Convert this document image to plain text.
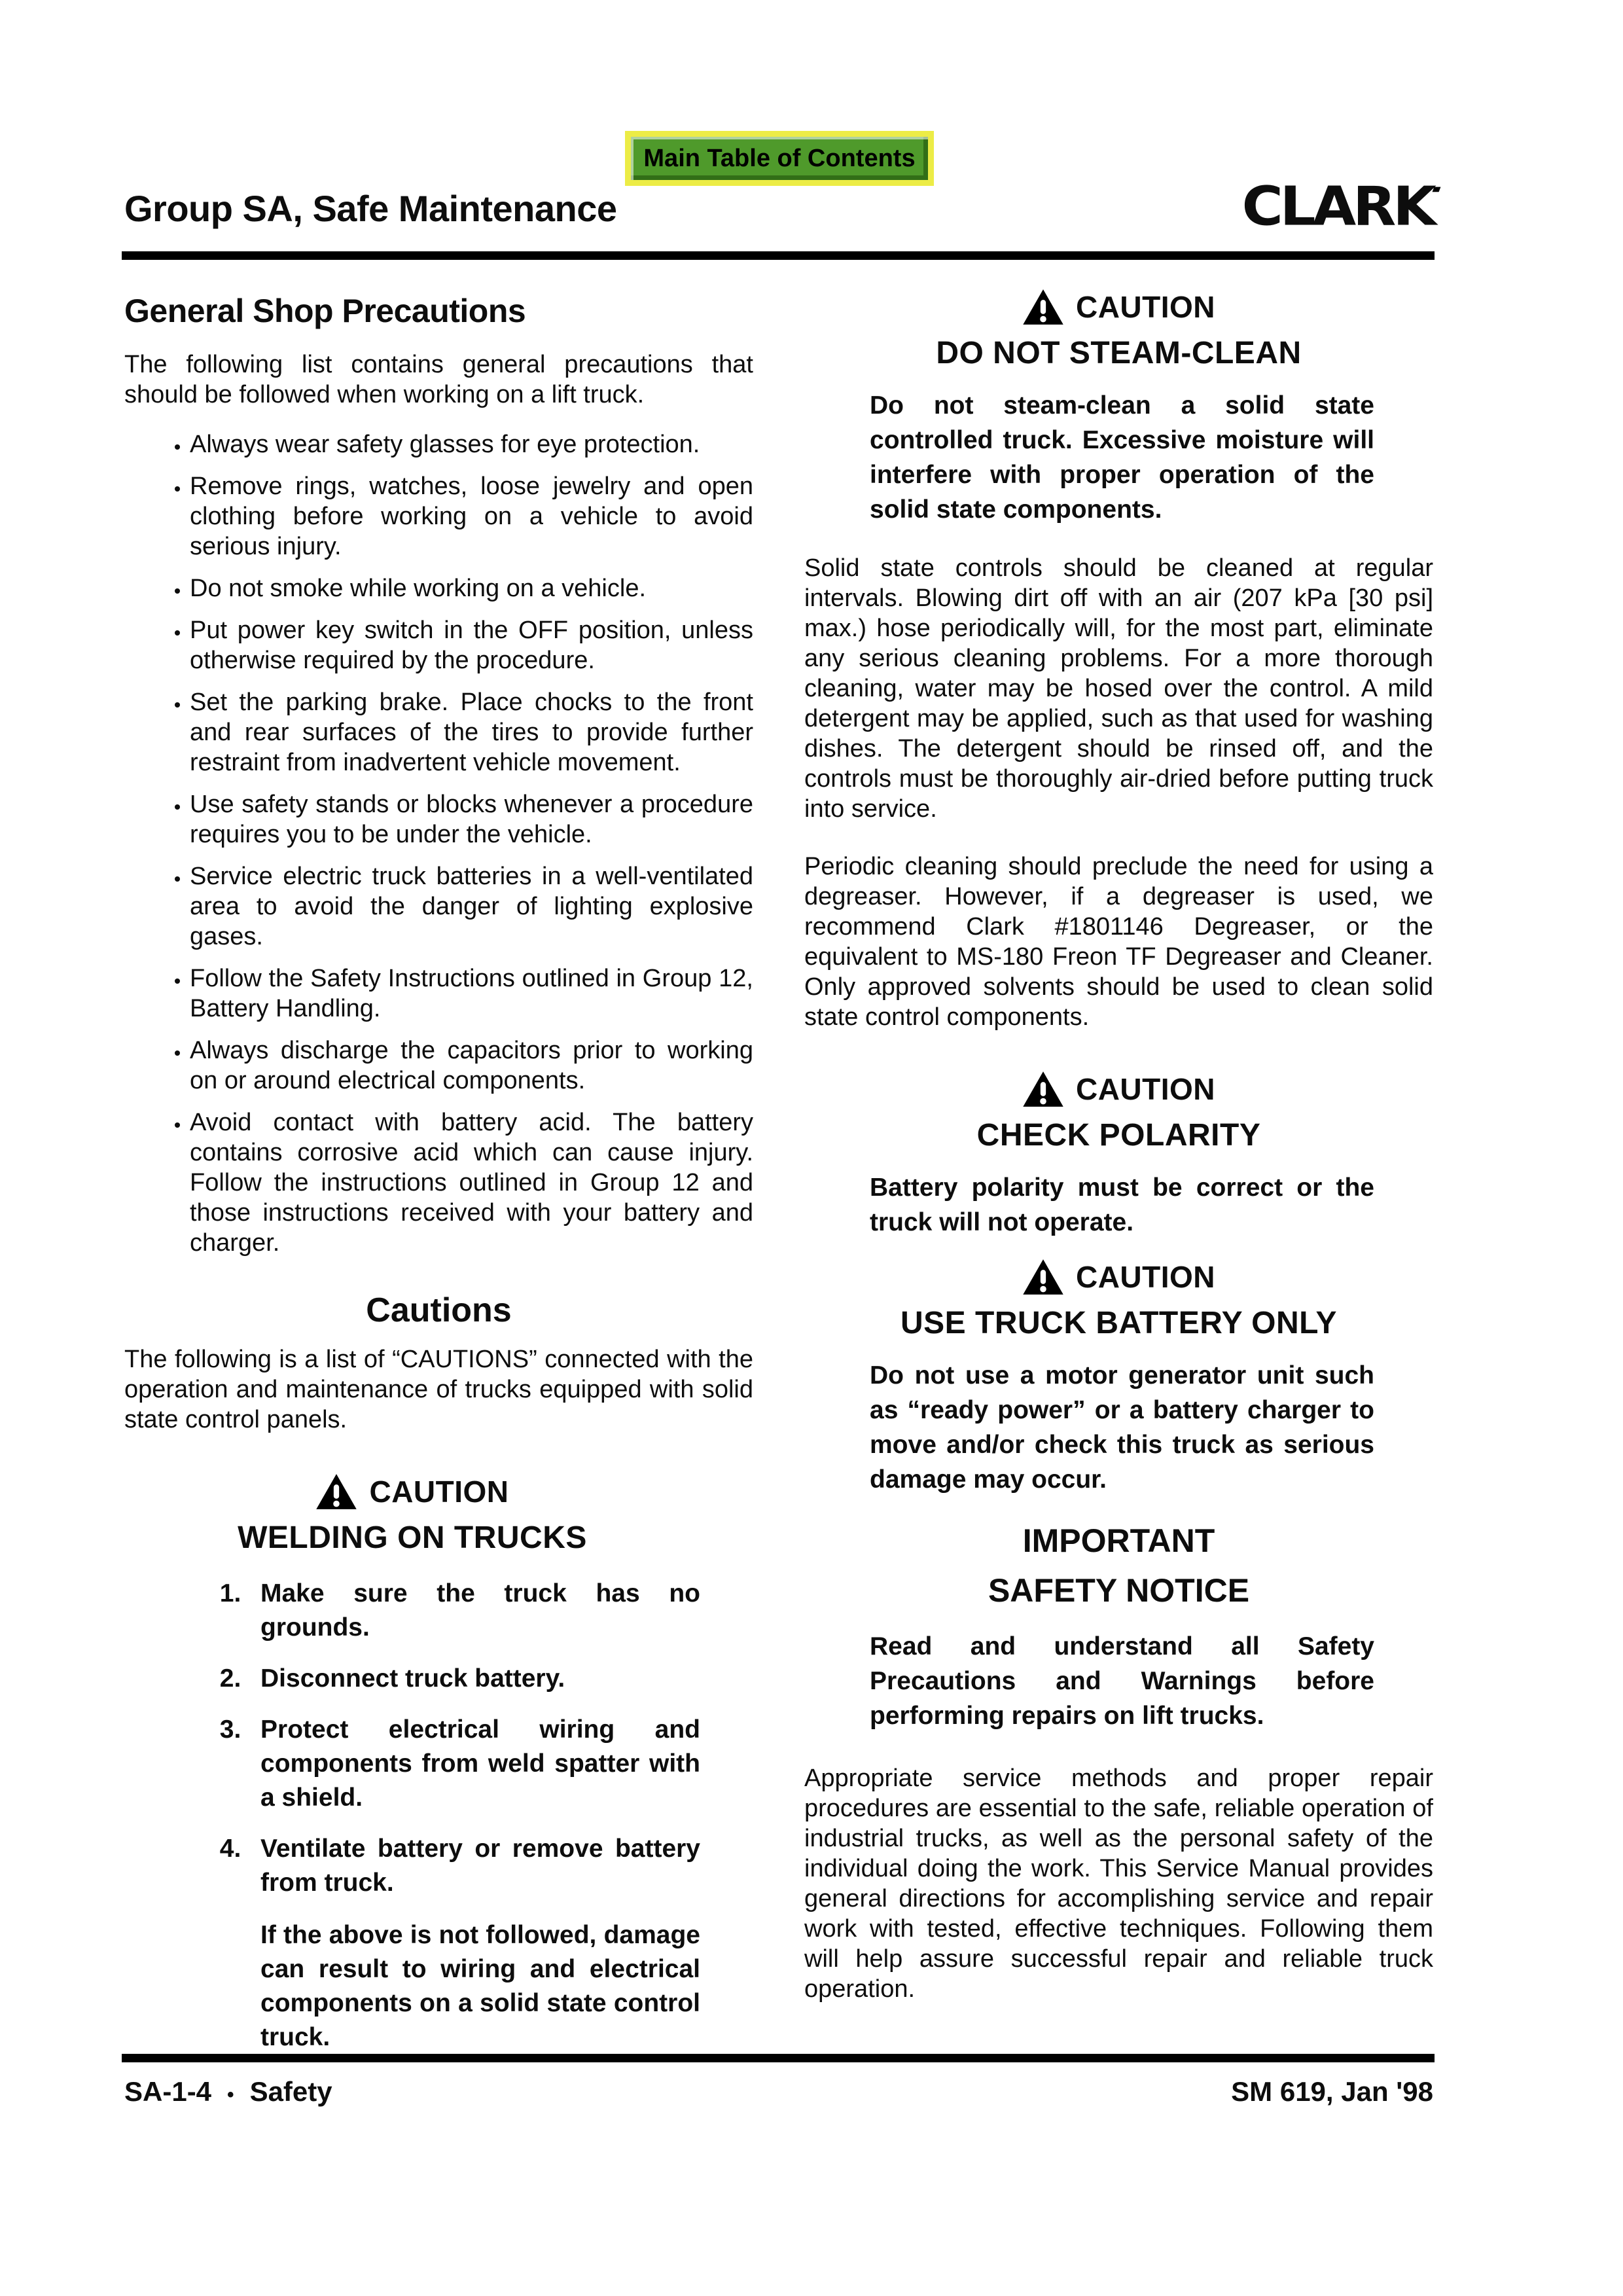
Main Table of Contents
Group SA, Safe Maintenance	CLARK
General Shop Precautions

The following list contains general precautions that should be followed when working on a lift truck.

• Always wear safety glasses for eye protection.
• Remove rings, watches, loose jewelry and open clothing before working on a vehicle to avoid serious injury.
• Do not smoke while working on a vehicle.
• Put power key switch in the OFF position, unless otherwise required by the procedure.
• Set the parking brake. Place chocks to the front and rear surfaces of the tires to provide further restraint from inadvertent vehicle movement.
• Use safety stands or blocks whenever a procedure requires you to be under the vehicle.
• Service electric truck batteries in a well-ventilated area to avoid the danger of lighting explosive gases.
• Follow the Safety Instructions outlined in Group 12, Battery Handling.
• Always discharge the capacitors prior to working on or around electrical components.
• Avoid contact with battery acid. The battery contains corrosive acid which can cause injury. Follow the instructions outlined in Group 12 and those instructions received with your battery and charger.
Cautions

The following is a list of “CAUTIONS” connected with the operation and maintenance of trucks equipped with solid state control panels.

CAUTION
WELDING ON TRUCKS
1. Make sure the truck has no grounds.
2. Disconnect truck battery.
3. Protect electrical wiring and components from weld spatter with a shield.
4. Ventilate battery or remove battery from truck.

If the above is not followed, damage can result to wiring and electrical components on a solid state control truck.

CAUTION
DO NOT STEAM-CLEAN

Do not steam-clean a solid state controlled truck. Excessive moisture will interfere with proper operation of the solid state components.

Solid state controls should be cleaned at regular intervals. Blowing dirt off with an air (207 kPa [30 psi] max.) hose periodically will, for the most part, eliminate any serious cleaning problems. For a more thorough cleaning, water may be hosed over the control. A mild detergent may be applied, such as that used for washing dishes. The detergent should be rinsed off, and the controls must be thoroughly air-dried before putting truck into service.

Periodic cleaning should preclude the need for using a degreaser. However, if a degreaser is used, we recommend Clark #1801146 Degreaser, or the equivalent to MS-180 Freon TF Degreaser and Cleaner. Only approved solvents should be used to clean solid state control components.

CAUTION
CHECK POLARITY

Battery polarity must be correct or the truck will not operate.

CAUTION
USE TRUCK BATTERY ONLY

Do not use a motor generator unit such as “ready power” or a battery charger to move and/or check this truck as serious damage may occur.

IMPORTANT
SAFETY NOTICE

Read and understand all Safety Precautions and Warnings before performing repairs on lift trucks.

Appropriate service methods and proper repair procedures are essential to the safe, reliable operation of industrial trucks, as well as the personal safety of the individual doing the work. This Service Manual provides general directions for accomplishing service and repair work with tested, effective techniques. Following them will help assure successful repair and reliable truck operation.

SA-1-4 • Safety	SM 619, Jan '98
